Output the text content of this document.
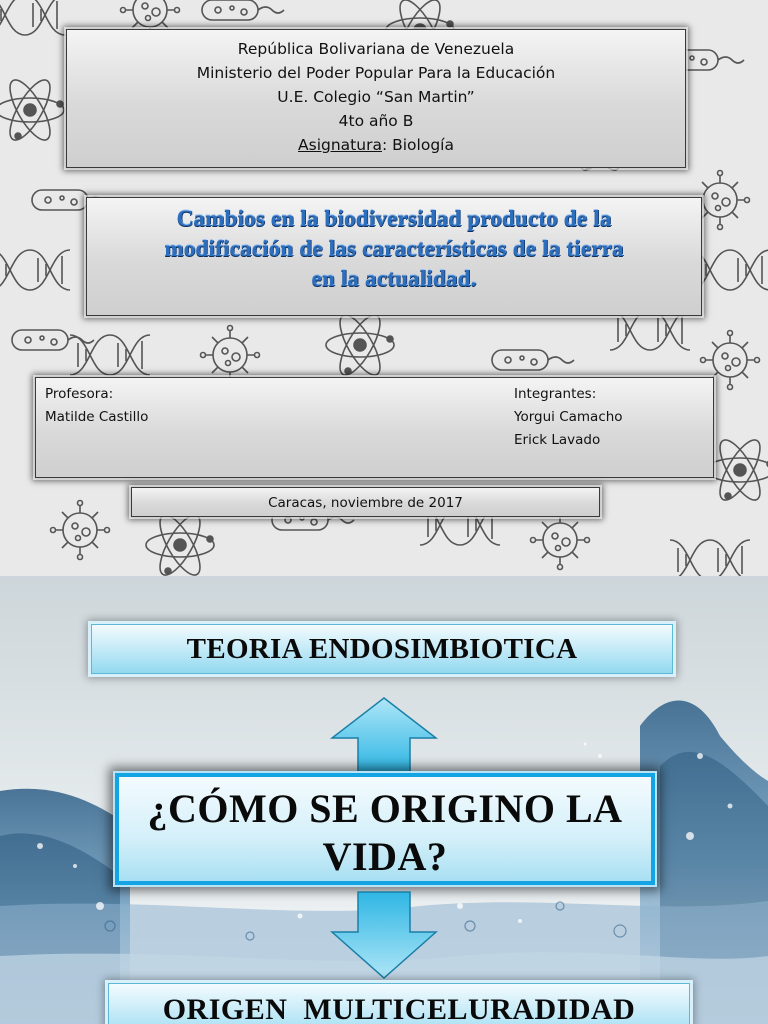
República Bolivariana de Venezuela
Ministerio del Poder Popular Para la Educación
U.E. Colegio “San Martin”
4to año B
Asignatura: Biología
Cambios en la biodiversidad producto de la
modificación de las características de la tierra
en la actualidad.
Profesora:
Matilde Castillo
Integrantes:
Yorgui Camacho
Erick Lavado
Caracas, noviembre de 2017
TEORIA ENDOSIMBIOTICA
¿CÓMO SE ORIGINO LA
VIDA?
ORIGEN  MULTICELURADIDAD
